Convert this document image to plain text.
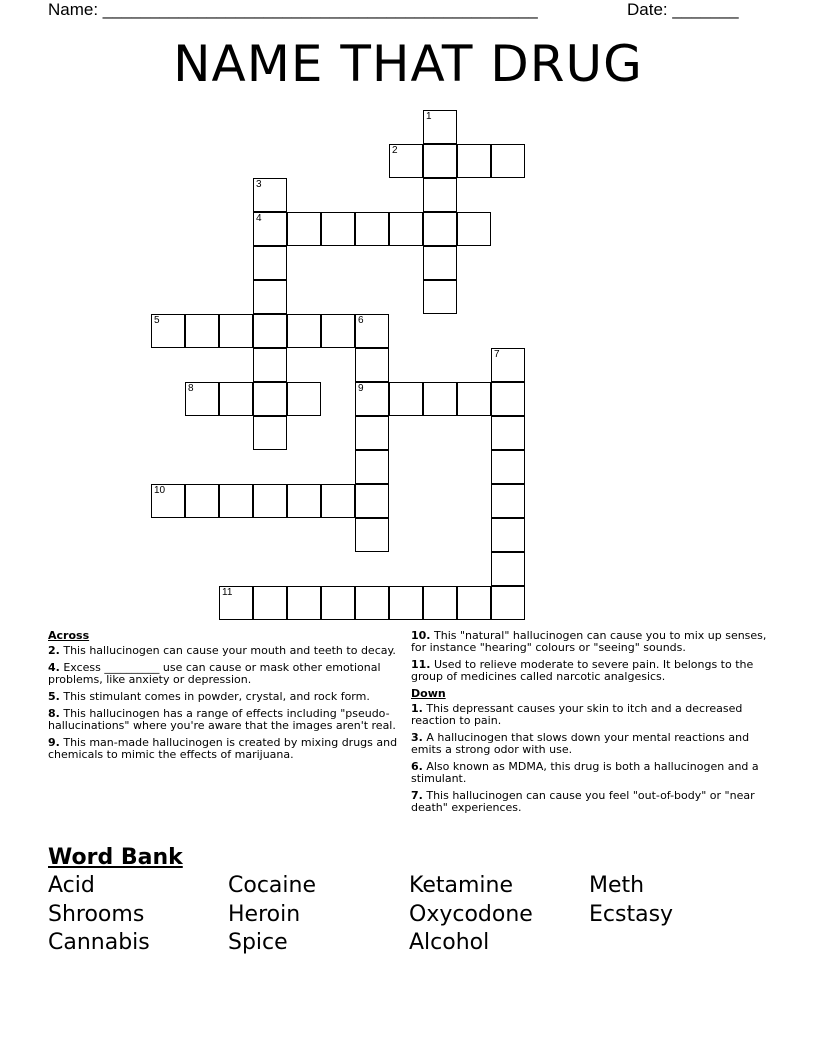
Name: ______________________________________________	Date: _______
NAME THAT DRUG
1
2
3
4
5	6
7
8	9
10
11
Across
2. This hallucinogen can cause your mouth and teeth to decay.
4. Excess __________ use can cause or mask other emotional problems, like anxiety or depression.
5. This stimulant comes in powder, crystal, and rock form.
8. This hallucinogen has a range of effects including "pseudo-hallucinations" where you're aware that the images aren't real.
9. This man-made hallucinogen is created by mixing drugs and chemicals to mimic the effects of marijuana.
10. This "natural" hallucinogen can cause you to mix up senses, for instance "hearing" colours or "seeing" sounds.
11. Used to relieve moderate to severe pain. It belongs to the group of medicines called narcotic analgesics.
Down
1. This depressant causes your skin to itch and a decreased reaction to pain.
3. A hallucinogen that slows down your mental reactions and emits a strong odor with use.
6. Also known as MDMA, this drug is both a hallucinogen and a stimulant.
7. This hallucinogen can cause you feel "out-of-body" or "near death" experiences.
Word Bank
Acid
Shrooms
Cannabis
Cocaine
Heroin
Spice
Ketamine
Oxycodone
Alcohol
Meth
Ecstasy
